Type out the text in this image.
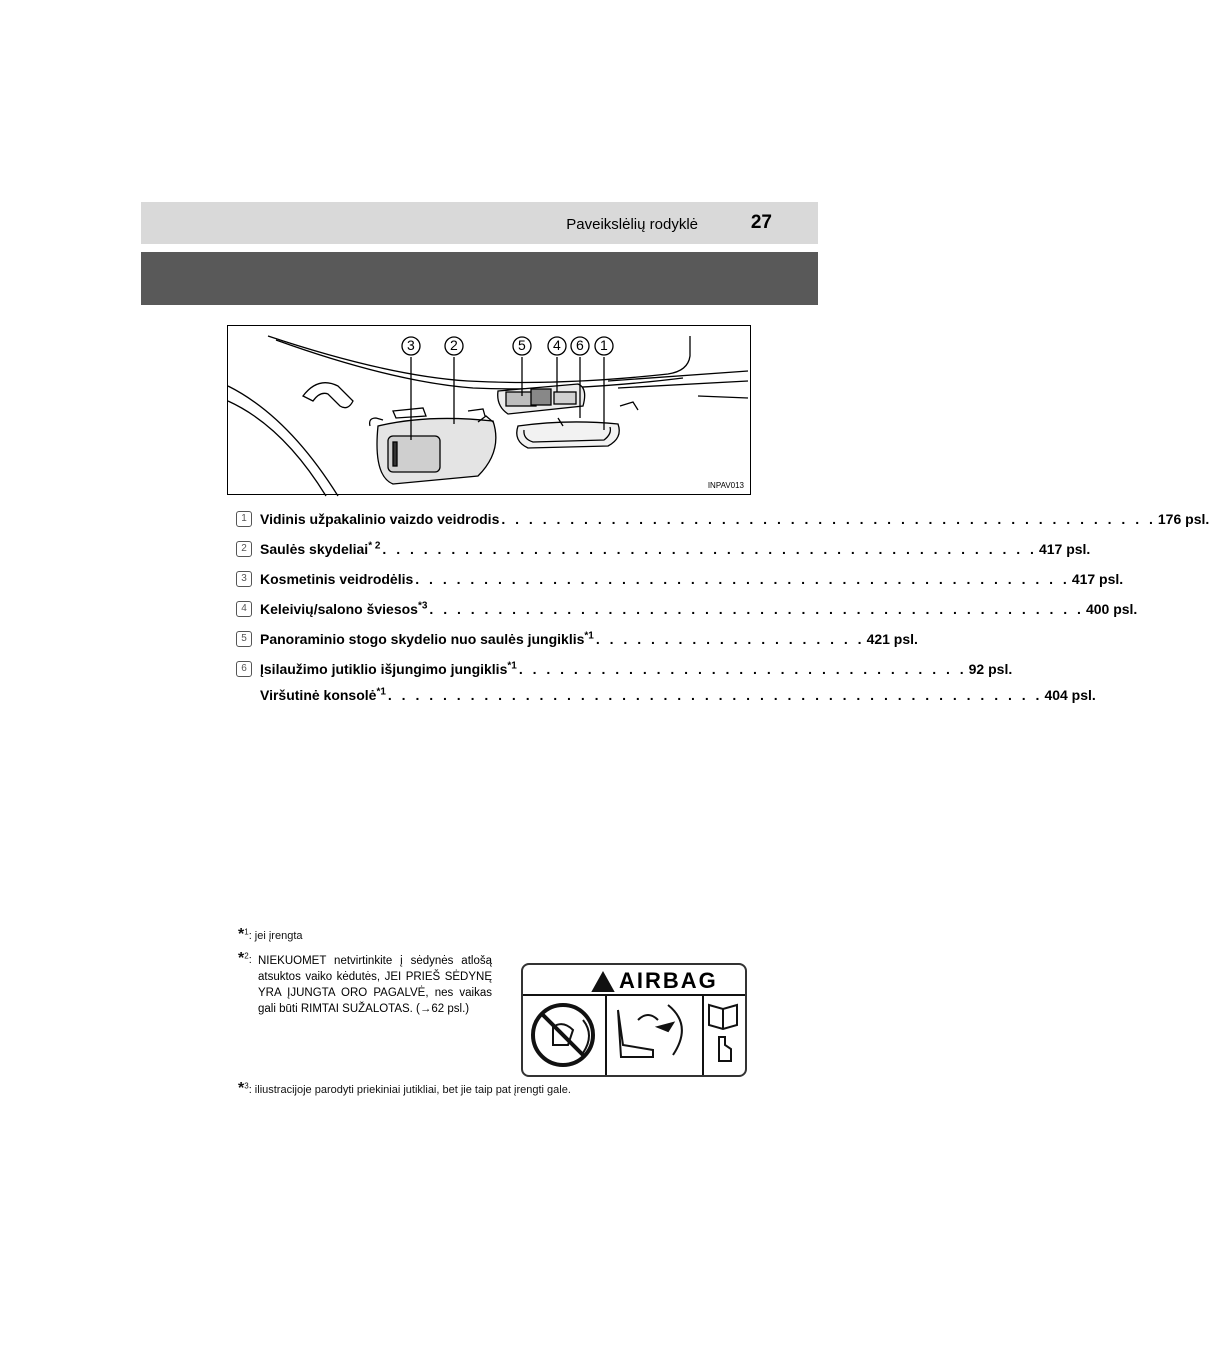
Paveikslėlių rodyklė	27
3	2	5 4 6 1
INPAV013
1 Vidinis užpakalinio vaizdo veidrodis . . . . . . . . . . . . . . . . . . . . . . . . . . . . . . . . . . . . . . . . . . . . . . . . 176 psl.
2 Saulės skydeliai$^{* 2}$ . . . . . . . . . . . . . . . . . . . . . . . . . . . . . . . . . . . . . . . . . . . . . . . . 417 psl.
3 Kosmetinis veidrodėlis . . . . . . . . . . . . . . . . . . . . . . . . . . . . . . . . . . . . . . . . . . . . . . . . 417 psl.
4 Keleivių/salono šviesos$^{*3}$ . . . . . . . . . . . . . . . . . . . . . . . . . . . . . . . . . . . . . . . . . . . . . . . . 400 psl.
5 Panoraminio stogo skydelio nuo saulės jungiklis$^{*1}$ . . . . . . . . . . . . . . . . . . . . 421 psl.
6 Įsilaužimo jutiklio išjungimo jungiklis$^{*1}$ . . . . . . . . . . . . . . . . . . . . . . . . . . . . . . . . . 92 psl.
Viršutinė konsolė$^{*1}$ . . . . . . . . . . . . . . . . . . . . . . . . . . . . . . . . . . . . . . . . . . . . . . . . 404 psl.
*$^1$: jei įrengta
*$^2$: NIEKUOMET netvirtinkite į sėdynės atlošą atsuktos vaiko kėdutės, JEI PRIEŠ SĖDYNĘ YRA ĮJUNGTA ORO PAGALVĖ, nes vaikas gali būti RIMTAI SUŽALOTAS. (→62 psl.)
AIRBAG
*$^3$: iliustracijoje parodyti priekiniai jutikliai, bet jie taip pat įrengti gale.
